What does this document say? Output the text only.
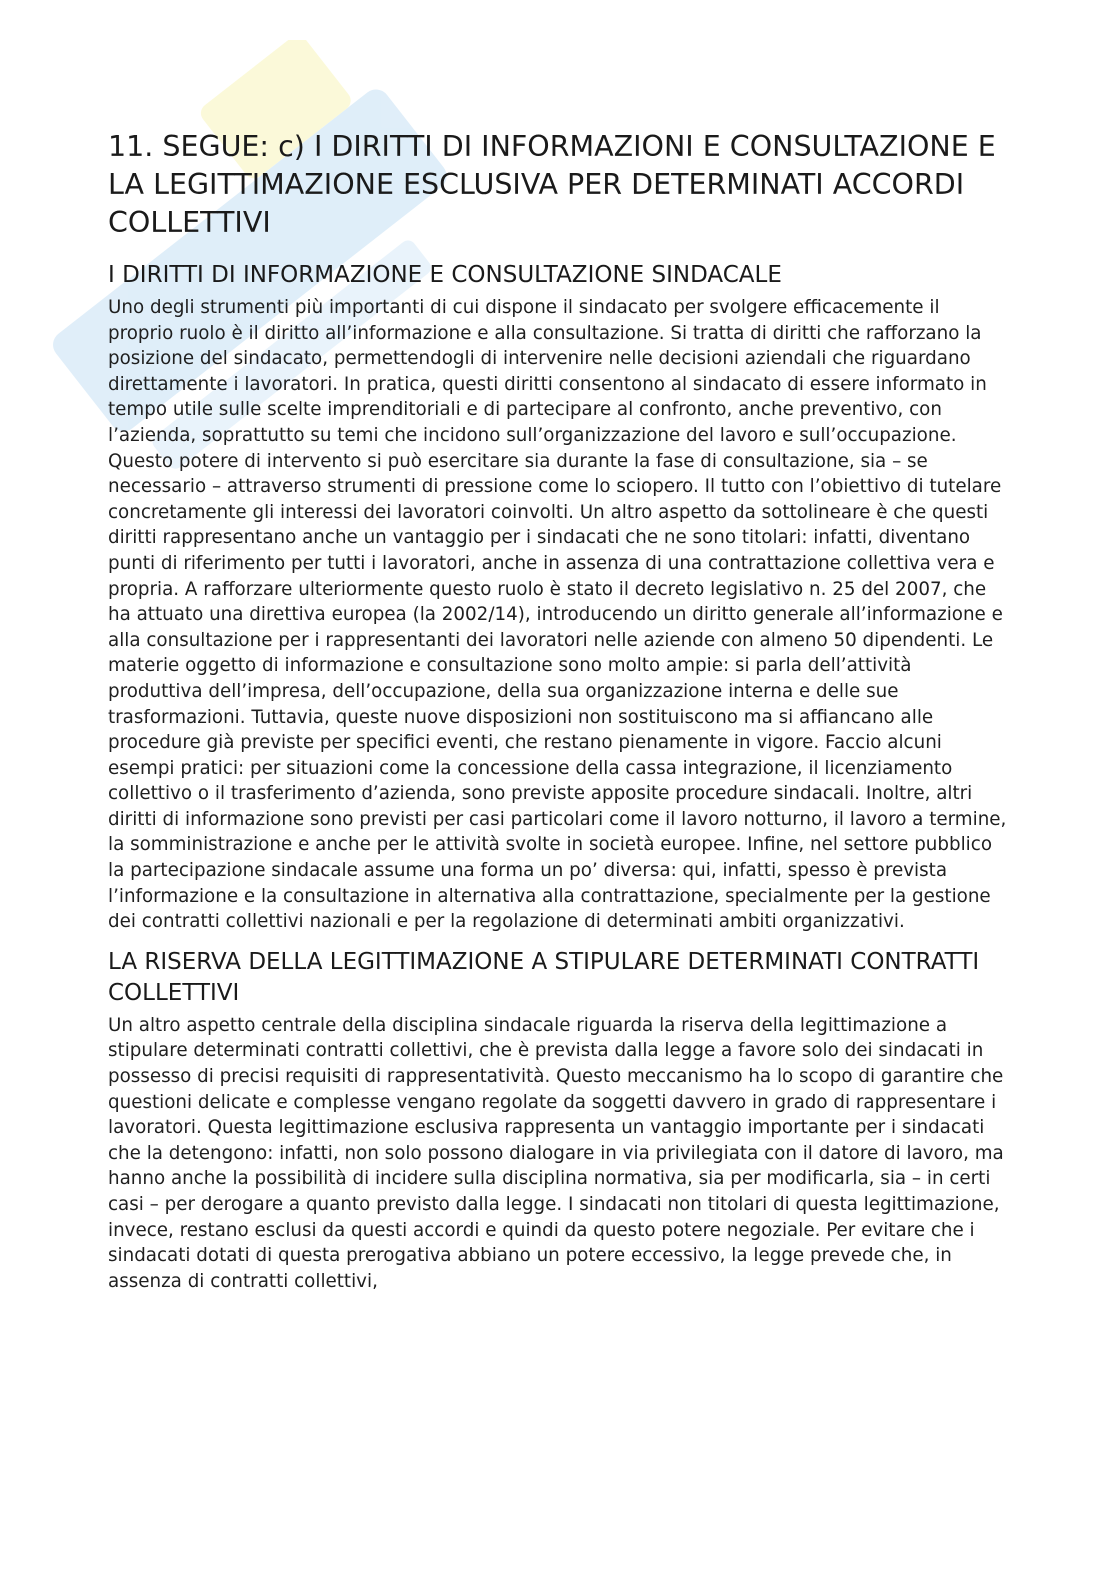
11. SEGUE: c) I DIRITTI DI INFORMAZIONI E CONSULTAZIONE E LA LEGITTIMAZIONE ESCLUSIVA PER DETERMINATI ACCORDI COLLETTIVI
I DIRITTI DI INFORMAZIONE E CONSULTAZIONE SINDACALE

Uno degli strumenti più importanti di cui dispone il sindacato per svolgere efficacemente il proprio ruolo è il diritto all’informazione e alla consultazione. Si tratta di diritti che rafforzano la posizione del sindacato, permettendogli di intervenire nelle decisioni aziendali che riguardano direttamente i lavoratori. In pratica, questi diritti consentono al sindacato di essere informato in tempo utile sulle scelte imprenditoriali e di partecipare al confronto, anche preventivo, con l’azienda, soprattutto su temi che incidono sull’organizzazione del lavoro e sull’occupazione. Questo potere di intervento si può esercitare sia durante la fase di consultazione, sia – se necessario – attraverso strumenti di pressione come lo sciopero. Il tutto con l’obiettivo di tutelare concretamente gli interessi dei lavoratori coinvolti. Un altro aspetto da sottolineare è che questi diritti rappresentano anche un vantaggio per i sindacati che ne sono titolari: infatti, diventano punti di riferimento per tutti i lavoratori, anche in assenza di una contrattazione collettiva vera e propria. A rafforzare ulteriormente questo ruolo è stato il decreto legislativo n. 25 del 2007, che ha attuato una direttiva europea (la 2002/14), introducendo un diritto generale all’informazione e alla consultazione per i rappresentanti dei lavoratori nelle aziende con almeno 50 dipendenti. Le materie oggetto di informazione e consultazione sono molto ampie: si parla dell’attività produttiva dell’impresa, dell’occupazione, della sua organizzazione interna e delle sue trasformazioni. Tuttavia, queste nuove disposizioni non sostituiscono ma si affiancano alle procedure già previste per specifici eventi, che restano pienamente in vigore. Faccio alcuni esempi pratici: per situazioni come la concessione della cassa integrazione, il licenziamento collettivo o il trasferimento d’azienda, sono previste apposite procedure sindacali. Inoltre, altri diritti di informazione sono previsti per casi particolari come il lavoro notturno, il lavoro a termine, la somministrazione e anche per le attività svolte in società europee. Infine, nel settore pubblico la partecipazione sindacale assume una forma un po’ diversa: qui, infatti, spesso è prevista l’informazione e la consultazione in alternativa alla contrattazione, specialmente per la gestione dei contratti collettivi nazionali e per la regolazione di determinati ambiti organizzativi.

LA RISERVA DELLA LEGITTIMAZIONE A STIPULARE DETERMINATI CONTRATTI COLLETTIVI

Un altro aspetto centrale della disciplina sindacale riguarda la riserva della legittimazione a stipulare determinati contratti collettivi, che è prevista dalla legge a favore solo dei sindacati in possesso di precisi requisiti di rappresentatività. Questo meccanismo ha lo scopo di garantire che questioni delicate e complesse vengano regolate da soggetti davvero in grado di rappresentare i lavoratori. Questa legittimazione esclusiva rappresenta un vantaggio importante per i sindacati che la detengono: infatti, non solo possono dialogare in via privilegiata con il datore di lavoro, ma hanno anche la possibilità di incidere sulla disciplina normativa, sia per modificarla, sia – in certi casi – per derogare a quanto previsto dalla legge. I sindacati non titolari di questa legittimazione, invece, restano esclusi da questi accordi e quindi da questo potere negoziale. Per evitare che i sindacati dotati di questa prerogativa abbiano un potere eccessivo, la legge prevede che, in assenza di contratti collettivi,
